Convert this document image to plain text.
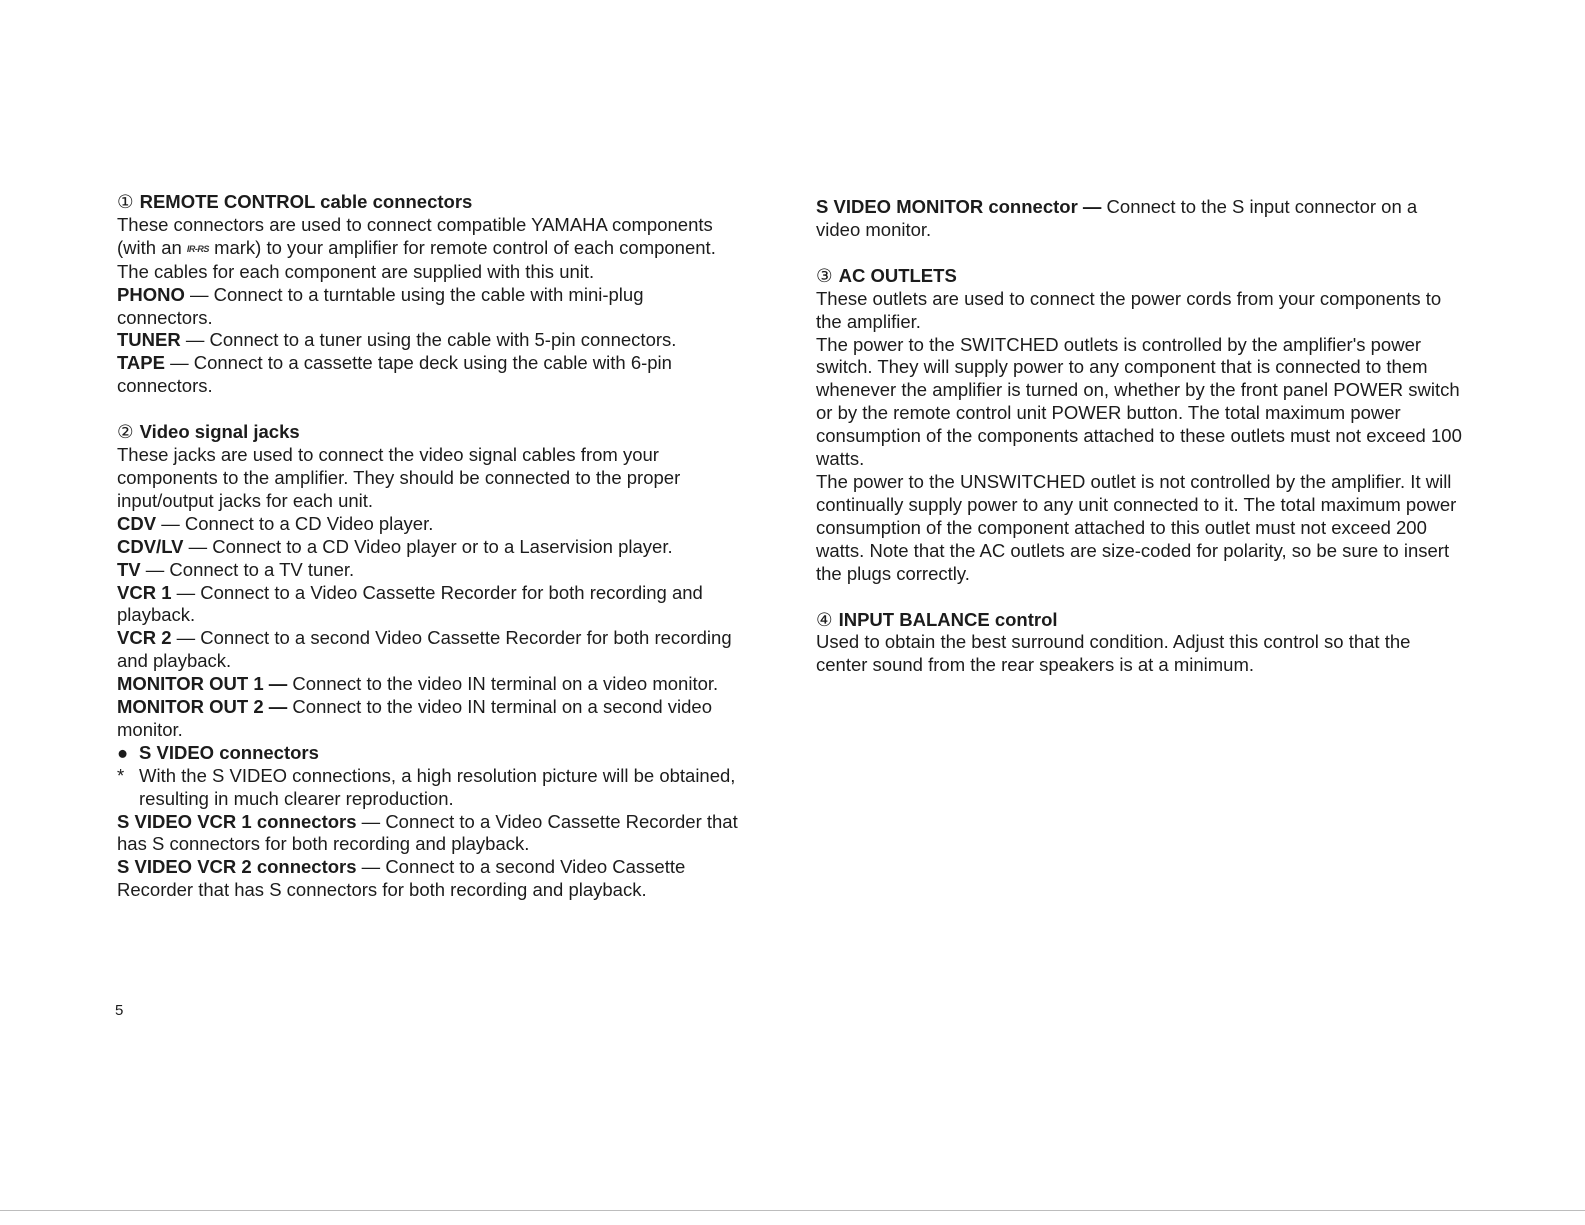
① REMOTE CONTROL cable connectors

These connectors are used to connect compatible YAMAHA components (with an IR-RS mark) to your amplifier for remote control of each component. The cables for each component are supplied with this unit.

PHONO — Connect to a turntable using the cable with mini-plug connectors.

TUNER — Connect to a tuner using the cable with 5-pin connectors.

TAPE — Connect to a cassette tape deck using the cable with 6-pin connectors.

② Video signal jacks

These jacks are used to connect the video signal cables from your components to the amplifier. They should be connected to the proper input/output jacks for each unit.

CDV — Connect to a CD Video player.

CDV/LV — Connect to a CD Video player or to a Laservision player.

TV — Connect to a TV tuner.

VCR 1 — Connect to a Video Cassette Recorder for both recording and playback.

VCR 2 — Connect to a second Video Cassette Recorder for both recording and playback.

MONITOR OUT 1 — Connect to the video IN terminal on a video monitor.

MONITOR OUT 2 — Connect to the video IN terminal on a second video monitor.

● S VIDEO connectors

* With the S VIDEO connections, a high resolution picture will be obtained, resulting in much clearer reproduction.

S VIDEO VCR 1 connectors — Connect to a Video Cassette Recorder that has S connectors for both recording and playback.

S VIDEO VCR 2 connectors — Connect to a second Video Cassette Recorder that has S connectors for both recording and playback.

S VIDEO MONITOR connector — Connect to the S input connector on a video monitor.

③ AC OUTLETS

These outlets are used to connect the power cords from your components to the amplifier.

The power to the SWITCHED outlets is controlled by the amplifier's power switch. They will supply power to any component that is connected to them whenever the amplifier is turned on, whether by the front panel POWER switch or by the remote control unit POWER button. The total maximum power consumption of the components attached to these outlets must not exceed 100 watts.

The power to the UNSWITCHED outlet is not controlled by the amplifier. It will continually supply power to any unit connected to it. The total maximum power consumption of the component attached to this outlet must not exceed 200 watts. Note that the AC outlets are size-coded for polarity, so be sure to insert the plugs correctly.

④ INPUT BALANCE control

Used to obtain the best surround condition. Adjust this control so that the center sound from the rear speakers is at a minimum.

5
